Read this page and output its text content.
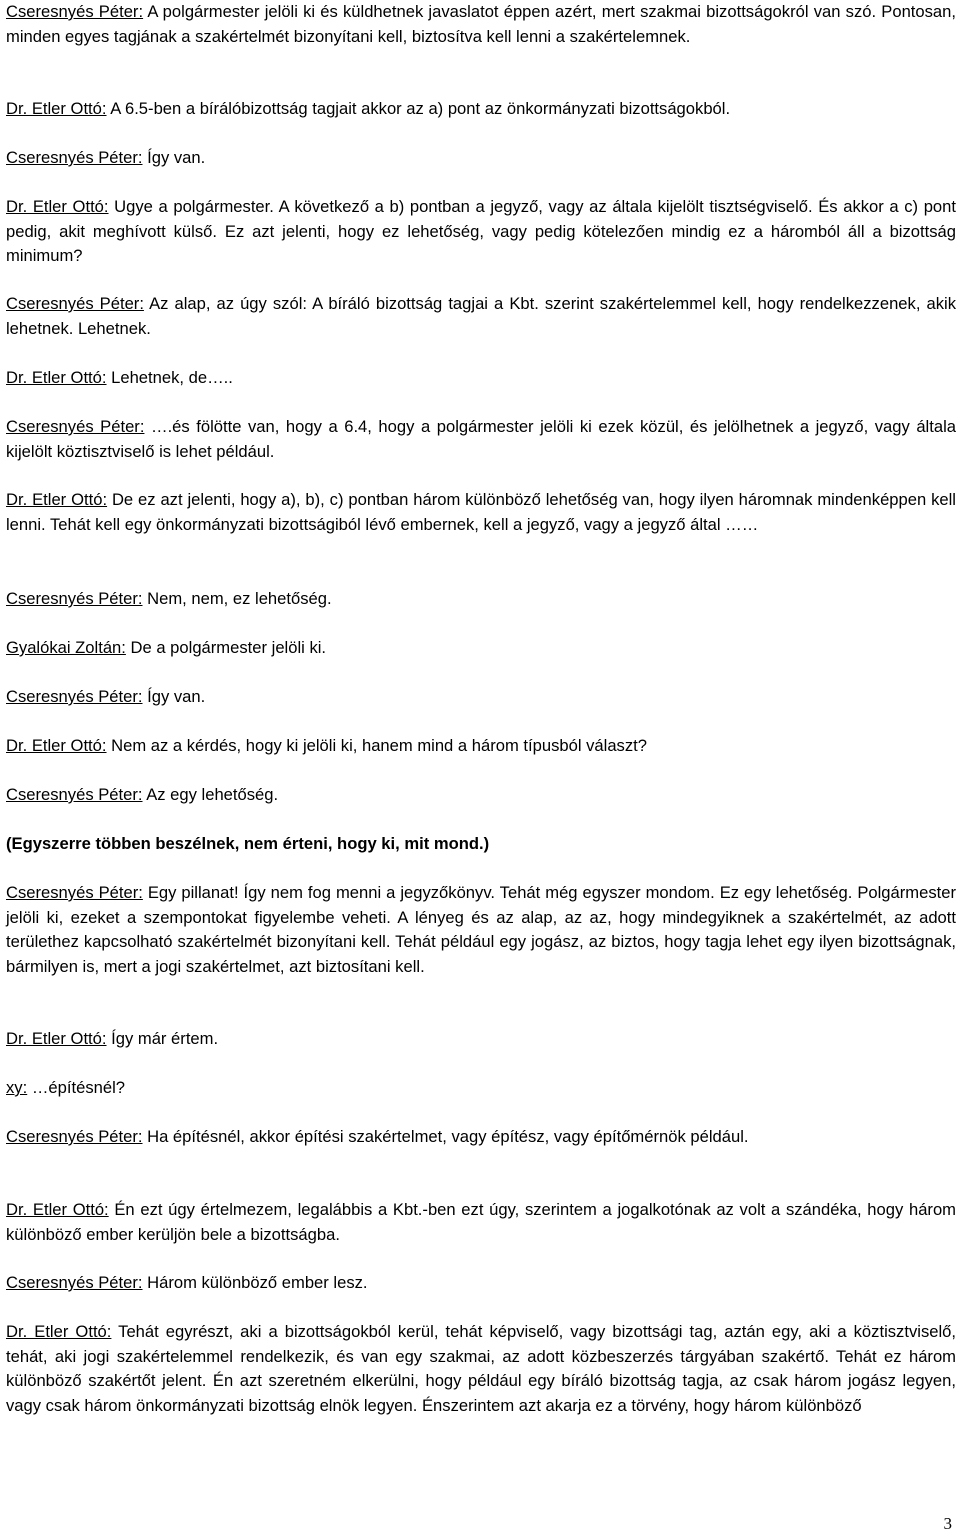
Cseresnyés Péter: A polgármester jelöli ki és küldhetnek javaslatot éppen azért, mert szakmai bizottságokról van szó. Pontosan, minden egyes tagjának a szakértelmét bizonyítani kell, biztosítva kell lenni a szakértelemnek.

Dr. Etler Ottó: A 6.5-ben a bírálóbizottság tagjait akkor az a) pont az önkormányzati bizottságokból.

Cseresnyés Péter: Így van.

Dr. Etler Ottó: Ugye a polgármester. A következő a b) pontban a jegyző, vagy az általa kijelölt tisztségviselő. És akkor a c) pont pedig, akit meghívott külső. Ez azt jelenti, hogy ez lehetőség, vagy pedig kötelezően mindig ez a háromból áll a bizottság minimum?

Cseresnyés Péter: Az alap, az úgy szól: A bíráló bizottság tagjai a Kbt. szerint szakértelemmel kell, hogy rendelkezzenek, akik lehetnek. Lehetnek.

Dr. Etler Ottó: Lehetnek, de…..

Cseresnyés Péter: ….és fölötte van, hogy a 6.4, hogy a polgármester jelöli ki ezek közül, és jelölhetnek a jegyző, vagy általa kijelölt köztisztviselő is lehet például.

Dr. Etler Ottó: De ez azt jelenti, hogy a), b), c) pontban három különböző lehetőség van, hogy ilyen háromnak mindenképpen kell lenni. Tehát kell egy önkormányzati bizottságiból lévő embernek, kell a jegyző, vagy a jegyző által ……

Cseresnyés Péter: Nem, nem, ez lehetőség.

Gyalókai Zoltán: De a polgármester jelöli ki.

Cseresnyés Péter: Így van.

Dr. Etler Ottó: Nem az a kérdés, hogy ki jelöli ki, hanem mind a három típusból választ?

Cseresnyés Péter: Az egy lehetőség.

(Egyszerre többen beszélnek, nem érteni, hogy ki, mit mond.)

Cseresnyés Péter: Egy pillanat! Így nem fog menni a jegyzőkönyv. Tehát még egyszer mondom. Ez egy lehetőség. Polgármester jelöli ki, ezeket a szempontokat figyelembe veheti. A lényeg és az alap, az az, hogy mindegyiknek a szakértelmét, az adott területhez kapcsolható szakértelmét bizonyítani kell. Tehát például egy jogász, az biztos, hogy tagja lehet egy ilyen bizottságnak, bármilyen is, mert a jogi szakértelmet, azt biztosítani kell.

Dr. Etler Ottó: Így már értem.

xy: …építésnél?

Cseresnyés Péter: Ha építésnél, akkor építési szakértelmet, vagy építész, vagy építőmérnök például.

Dr. Etler Ottó: Én ezt úgy értelmezem, legalábbis a Kbt.-ben ezt úgy, szerintem a jogalkotónak az volt a szándéka, hogy három különböző ember kerüljön bele a bizottságba.

Cseresnyés Péter: Három különböző ember lesz.

Dr. Etler Ottó: Tehát egyrészt, aki a bizottságokból kerül, tehát képviselő, vagy bizottsági tag, aztán egy, aki a köztisztviselő, tehát, aki jogi szakértelemmel rendelkezik, és van egy szakmai, az adott közbeszerzés tárgyában szakértő. Tehát ez három különböző szakértőt jelent. Én azt szeretném elkerülni, hogy például egy bíráló bizottság tagja, az csak három jogász legyen, vagy csak három önkormányzati bizottság elnök legyen. Énszerintem azt akarja ez a törvény, hogy három különböző

3
